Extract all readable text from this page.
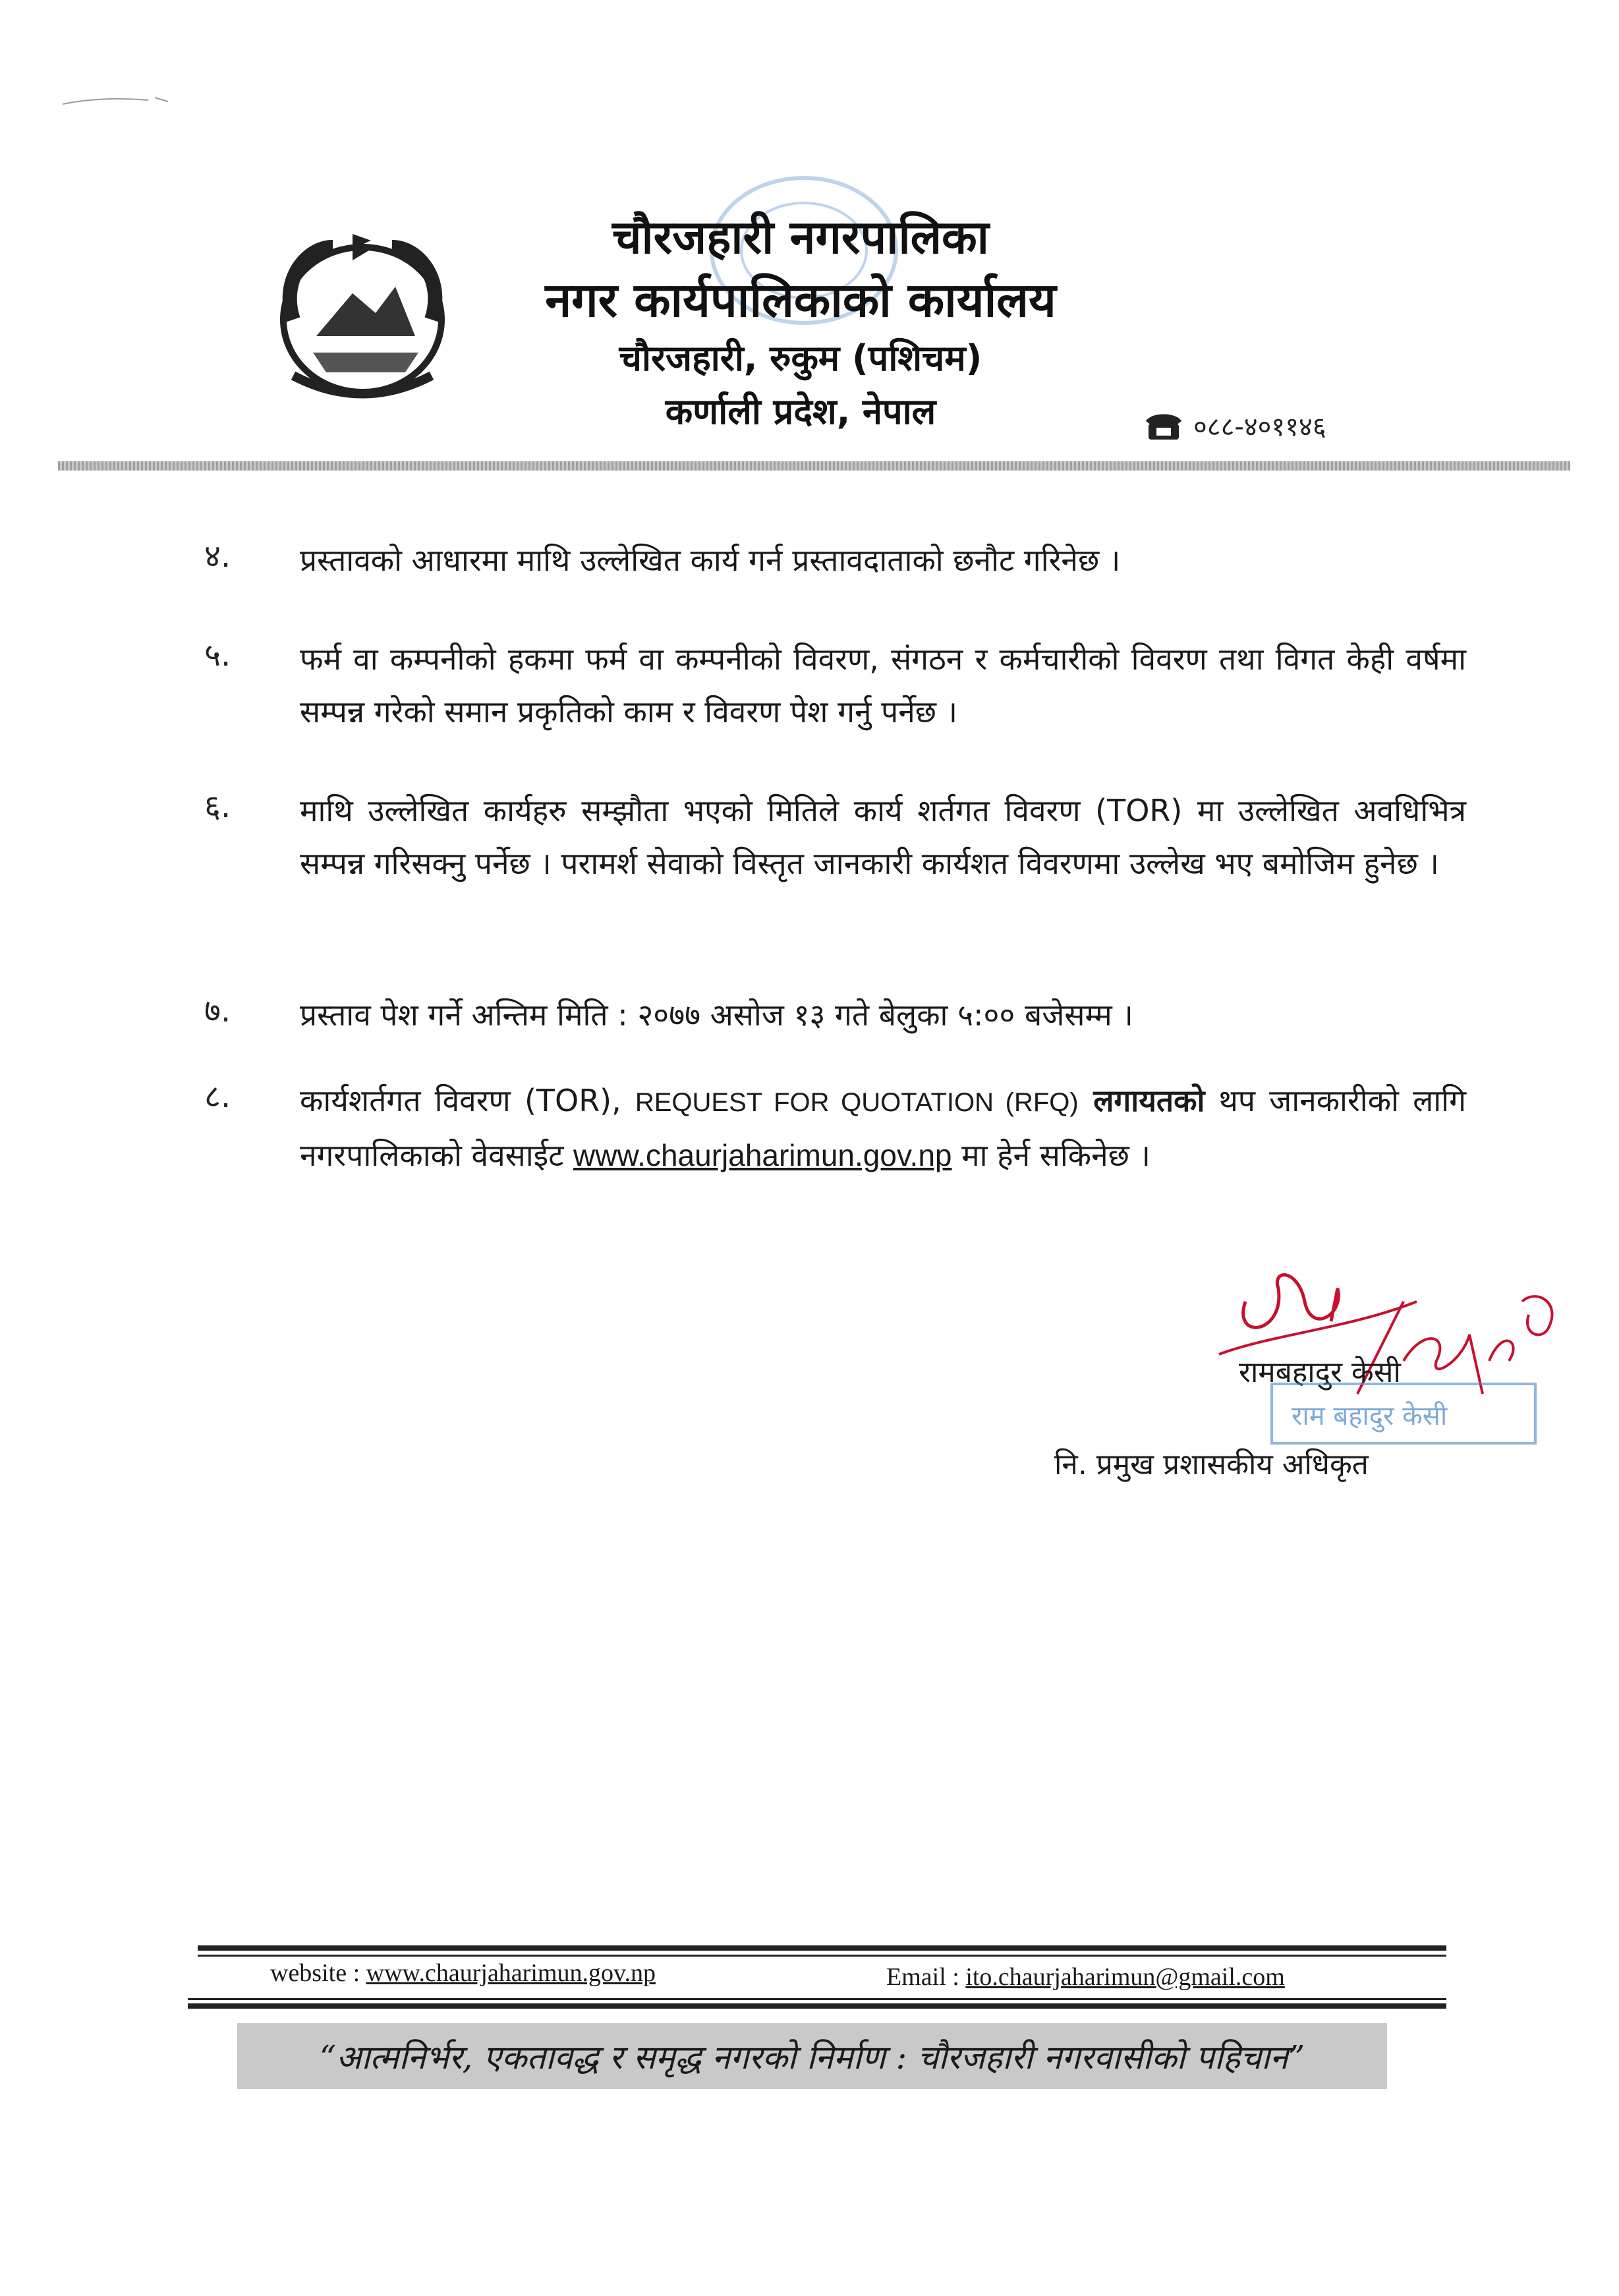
चौरजहारी नगरपालिका
नगर कार्यपालिकाको कार्यालय
चौरजहारी, रुकुम (पशिचम)
कर्णाली प्रदेश, नेपाल	०८८-४०११४६
४. प्रस्तावको आधारमा माथि उल्लेखित कार्य गर्न प्रस्तावदाताको छनौट गरिनेछ ।
५. फर्म वा कम्पनीको हकमा फर्म वा कम्पनीको विवरण, संगठन र कर्मचारीको विवरण तथा विगत केही वर्षमा सम्पन्न गरेको समान प्रकृतिको काम र विवरण पेश गर्नु पर्नेछ ।
६. माथि उल्लेखित कार्यहरु सम्झौता भएको मितिले कार्य शर्तगत विवरण (TOR) मा उल्लेखित अवधिभित्र सम्पन्न गरिसक्नु पर्नेछ । परामर्श सेवाको विस्तृत जानकारी कार्यशत विवरणमा उल्लेख भए बमोजिम हुनेछ ।
७. प्रस्ताव पेश गर्ने अन्तिम मिति : २०७७ असोज १३ गते बेलुका ५:०० बजेसम्म ।
८. कार्यशर्तगत विवरण (TOR), REQUEST FOR QUOTATION (RFQ) लगायतको थप जानकारीको लागि नगरपालिकाको वेवसाईट www.chaurjaharimun.gov.np मा हेर्न सकिनेछ ।
रामबहादुर केसी
नि. प्रमुख प्रशासकीय अधिकृत
राम बहादुर केसी
website : www.chaurjaharimun.gov.np	Email : ito.chaurjaharimun@gmail.com
“आत्मनिर्भर, एकतावद्ध र समृद्ध नगरको निर्माण : चौरजहारी नगरवासीको पहिचान”
